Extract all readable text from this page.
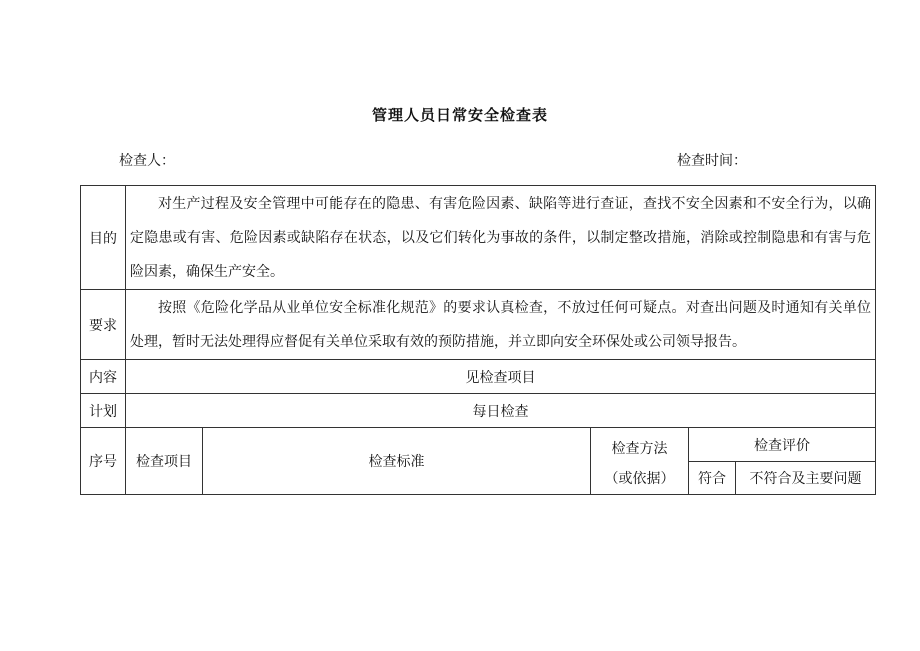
管理人员日常安全检查表
检查人：	检查时间：
目的	对生产过程及安全管理中可能存在的隐患、有害危险因素、缺陷等进行查证，查找不安全因素和不安全行为，以确定隐患或有害、危险因素或缺陷存在状态，以及它们转化为事故的条件，以制定整改措施，消除或控制隐患和有害与危险因素，确保生产安全。				
要求	按照《危险化学品从业单位安全标准化规范》的要求认真检查，不放过任何可疑点。对查出问题及时通知有关单位处理，暂时无法处理得应督促有关单位采取有效的预防措施，并立即向安全环保处或公司领导报告。				
内容	见检查项目				
计划	每日检查				
序号	检查项目	检查标准	检查方法	检查评价	
			（或依据）	符合	不符合及主要问题
